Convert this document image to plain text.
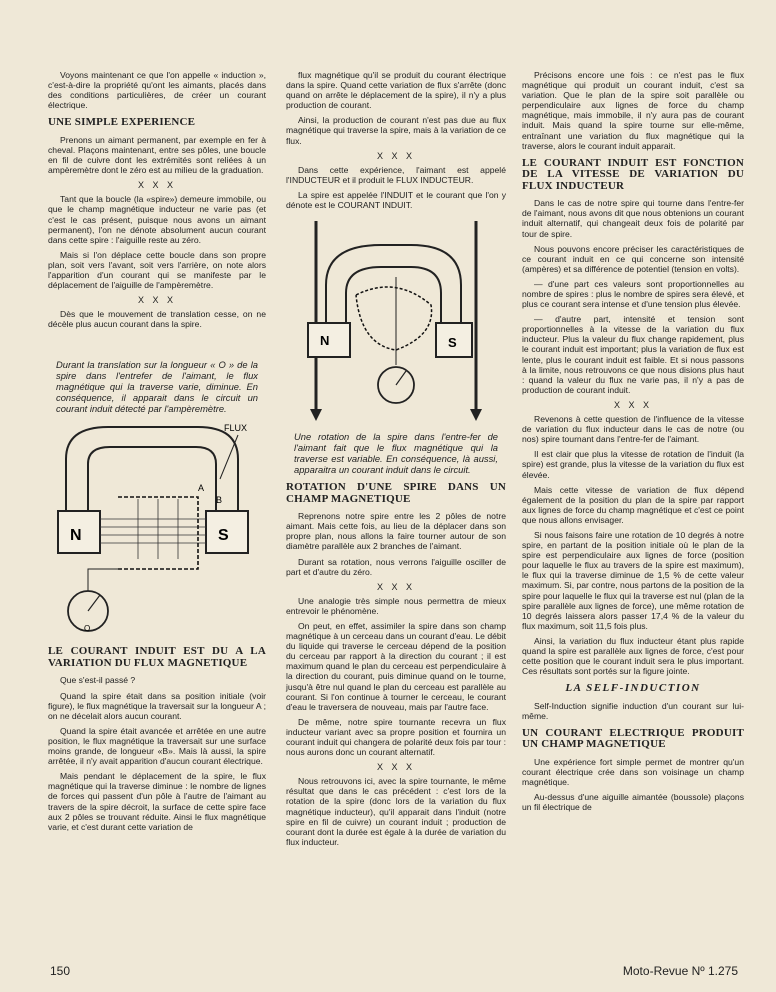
Voyons maintenant ce que l'on appelle « induction », c'est-à-dire la propriété qu'ont les aimants, placés dans des conditions particulières, de créer un courant électrique.

UNE SIMPLE EXPERIENCE

Prenons un aimant permanent, par exemple en fer à cheval. Plaçons maintenant, entre ses pôles, une boucle en fil de cuivre dont les extrémités sont reliées à un ampèremètre dont le zéro est au milieu de la graduation.

X X X

Tant que la boucle (la «spire») demeure immobile, ou que le champ magnétique inducteur ne varie pas (et c'est le cas présent, puisque nous avons un aimant permanent), l'on ne dénote absolument aucun courant dans cette spire : l'aiguille reste au zéro.

Mais si l'on déplace cette boucle dans son propre plan, soit vers l'avant, soit vers l'arrière, on note alors l'apparition d'un courant qui se manifeste par le déplacement de l'aiguille de l'ampèremètre.

X X X

Dès que le mouvement de translation cesse, on ne décèle plus aucun courant dans la spire.

Durant la translation sur la longueur « O » de la spire dans l'entrefer de l'aimant, le flux magnétique qui la traverse varie, diminue. En conséquence, il apparait dans le circuit un courant induit détecté par l'ampèremètre.

N	S
FLUX
A
B
O
LE COURANT INDUIT EST DU A LA VARIATION DU FLUX MAGNETIQUE

Que s'est-il passé ?

Quand la spire était dans sa position initiale (voir figure), le flux magnétique la traversait sur la longueur A ; on ne décelait alors aucun courant.

Quand la spire était avancée et arrêtée en une autre position, le flux magnétique la traversait sur une surface moins grande, de longueur «B». Mais là aussi, la spire arrêtée, il n'y avait apparition d'aucun courant électrique.

Mais pendant le déplacement de la spire, le flux magnétique qui la traverse diminue : le nombre de lignes de forces qui passent d'un pôle à l'autre de l'aimant au travers de la spire décroit, la surface de cette spire face aux 2 pôles se trouvant réduite. Ainsi le flux magnétique varie, et c'est durant cette variation de

flux magnétique qu'il se produit du courant électrique dans la spire. Quand cette variation de flux s'arrête (donc quand on arrête le déplacement de la spire), il n'y a plus production de courant.

Ainsi, la production de courant n'est pas due au flux magnétique qui traverse la spire, mais à la variation de ce flux.

X X X

Dans cette expérience, l'aimant est appelé l'INDUCTEUR et il produit le FLUX INDUCTEUR.

La spire est appelée l'INDUIT et le courant que l'on y dénote est le COURANT INDUIT.

N	S

Une rotation de la spire dans l'entre-fer de l'aimant fait que le flux magnétique qui la traverse est variable. En conséquence, là aussi, apparaitra un courant induit dans le circuit.

ROTATION D'UNE SPIRE DANS UN CHAMP MAGNETIQUE

Reprenons notre spire entre les 2 pôles de notre aimant. Mais cette fois, au lieu de la déplacer dans son propre plan, nous allons la faire tourner autour de son diamètre parallèle aux 2 branches de l'aimant.

Durant sa rotation, nous verrons l'aiguille osciller de part et d'autre du zéro.

X X X

Une analogie très simple nous permettra de mieux entrevoir le phénomène.

On peut, en effet, assimiler la spire dans son champ magnétique à un cerceau dans un courant d'eau. Le débit du liquide qui traverse le cerceau dépend de la position du cerceau par rapport à la direction du courant ; il est maximum quand le plan du cerceau est perpendiculaire à la direction du courant, puis diminue quand on le tourne, jusqu'à être nul quand le plan du cerceau est parallèle au courant. Si l'on continue à tourner le cerceau, le courant d'eau le traversera de nouveau, mais par l'autre face.

De même, notre spire tournante recevra un flux inducteur variant avec sa propre position et fournira un courant induit qui changera de polarité deux fois par tour : nous aurons donc un courant alternatif.

X X X

Nous retrouvons ici, avec la spire tournante, le même résultat que dans le cas précédent : c'est lors de la rotation de la spire (donc lors de la variation du flux magnétique inducteur), qu'il apparait dans l'induit (notre spire en fil de cuivre) un courant induit ; production de courant dont la durée est égale à la durée de variation du flux inducteur.

Précisons encore une fois : ce n'est pas le flux magnétique qui produit un courant induit, c'est sa variation. Que le plan de la spire soit parallèle ou perpendiculaire aux lignes de force du champ magnétique, mais immobile, il n'y aura pas de courant induit. Mais quand la spire tourne sur elle-même, entraînant une variation du flux magnétique qui la traverse, alors le courant induit apparait.

LE COURANT INDUIT EST FONCTION DE LA VITESSE DE VARIATION DU FLUX INDUCTEUR

Dans le cas de notre spire qui tourne dans l'entre-fer de l'aimant, nous avons dit que nous obtenions un courant induit alternatif, qui changeait deux fois de polarité par tour de spire.

Nous pouvons encore préciser les caractéristiques de ce courant induit en ce qui concerne son intensité (ampères) et sa différence de potentiel (tension en volts).

— d'une part ces valeurs sont proportionnelles au nombre de spires : plus le nombre de spires sera élevé, et plus ce courant sera intense et d'une tension plus élevée.

— d'autre part, intensité et tension sont proportionnelles à la vitesse de la variation du flux inducteur. Plus la valeur du flux change rapidement, plus le courant induit est important; plus la variation de flux est lente, plus le courant induit est faible. Et si nous passons à la limite, nous retrouvons ce que nous disions plus haut : quand la valeur du flux ne varie pas, il n'y a pas de production de courant induit.

X X X

Revenons à cette question de l'influence de la vitesse de variation du flux inducteur dans le cas de notre (ou nos) spire tournant dans l'entre-fer de l'aimant.

Il est clair que plus la vitesse de rotation de l'induit (la spire) est grande, plus la vitesse de la variation du flux est élevée.

Mais cette vitesse de variation de flux dépend également de la position du plan de la spire par rapport aux lignes de force du champ magnétique et c'est ce point que nous allons envisager.

Si nous faisons faire une rotation de 10 degrés à notre spire, en partant de la position initiale où le plan de la spire est perpendiculaire aux lignes de force (position pour laquelle le flux au travers de la spire est maximum), le flux qui la traverse diminue de 1,5 % de cette valeur maximum. Si, par contre, nous partons de la position de la spire pour laquelle le flux qui la traverse est nul (plan de la spire parallèle aux lignes de force), une même rotation de 10 degrés laissera alors passer 17,4 % de la valeur du flux maximum, soit 11,5 fois plus.

Ainsi, la variation du flux inducteur étant plus rapide quand la spire est parallèle aux lignes de force, c'est pour cette position que le courant induit sera le plus important. Ces résultats sont portés sur la figure jointe.

LA SELF-INDUCTION

Self-Induction signifie induction d'un courant sur lui-même.

UN COURANT ELECTRIQUE PRODUIT UN CHAMP MAGNETIQUE

Une expérience fort simple permet de montrer qu'un courant électrique crée dans son voisinage un champ magnétique.

Au-dessus d'une aiguille aimantée (boussole) plaçons un fil électrique de

150	Moto-Revue Nº 1.275
